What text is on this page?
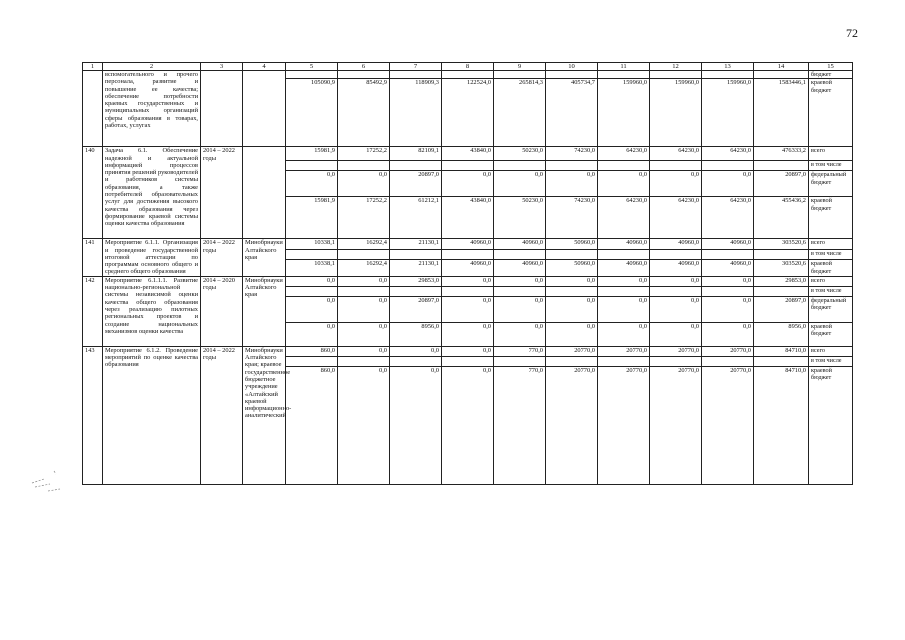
72
1	2	3	4	5	6	7	8	9	10	11	12	13	14	15
	вспомогательного и прочего персонала, развитие и повышение ее качества; обеспечение потребности краевых государственных и муниципальных организаций сферы образования в товарах, работах, услугах													бюджет
				105090,9	85492,9	118909,3	122524,0	265814,3	405734,7	159960,0	159960,0	159960,0	1583446,1	краевой бюджет
140	Задача 6.1. Обеспечение надежной и актуальной информацией процессов принятия решений руководителей и работников системы образования, а также потребителей образовательных услуг для достижения высокого качества образования через формирование краевой системы оценки качества образования	2014 – 2022 годы		15981,9	17252,2	82109,1	43840,0	50230,0	74230,0	64230,0	64230,0	64230,0	476333,2	всего
														в том числе
				0,0	0,0	20897,0	0,0	0,0	0,0	0,0	0,0	0,0	20897,0	федеральный бюджет
				15981,9	17252,2	61212,1	43840,0	50230,0	74230,0	64230,0	64230,0	64230,0	455436,2	краевой бюджет
141	Мероприятие 6.1.1. Организация и проведение государственной итоговой аттестации по программам основного общего и среднего общего образования	2014 – 2022 годы	Минобрнауки Алтайского края	10338,1	16292,4	21130,1	40960,0	40960,0	50960,0	40960,0	40960,0	40960,0	303520,6	всего
														в том числе
				10338,1	16292,4	21130,1	40960,0	40960,0	50960,0	40960,0	40960,0	40960,0	303520,6	краевой бюджет
142	Мероприятие 6.1.1.1. Развитие национально-региональной системы независимой оценки качества общего образования через реализацию пилотных региональных проектов и создание национальных механизмов оценки качества	2014 – 2020 годы	Минобрнауки Алтайского края	0,0	0,0	29853,0	0,0	0,0	0,0	0,0	0,0	0,0	29853,0	всего
														в том числе
				0,0	0,0	20897,0	0,0	0,0	0,0	0,0	0,0	0,0	20897,0	федеральный бюджет
				0,0	0,0	8956,0	0,0	0,0	0,0	0,0	0,0	0,0	8956,0	краевой бюджет
143	Мероприятие 6.1.2. Проведение мероприятий по оценке качества образования	2014 – 2022 годы	Минобрнауки Алтайского края; краевое государственное бюджетное учреждение «Алтайский краевой информационно-аналитический	860,0	0,0	0,0	0,0	770,0	20770,0	20770,0	20770,0	20770,0	84710,0	всего
														в том числе
				860,0	0,0	0,0	0,0	770,0	20770,0	20770,0	20770,0	20770,0	84710,0	краевой бюджет
